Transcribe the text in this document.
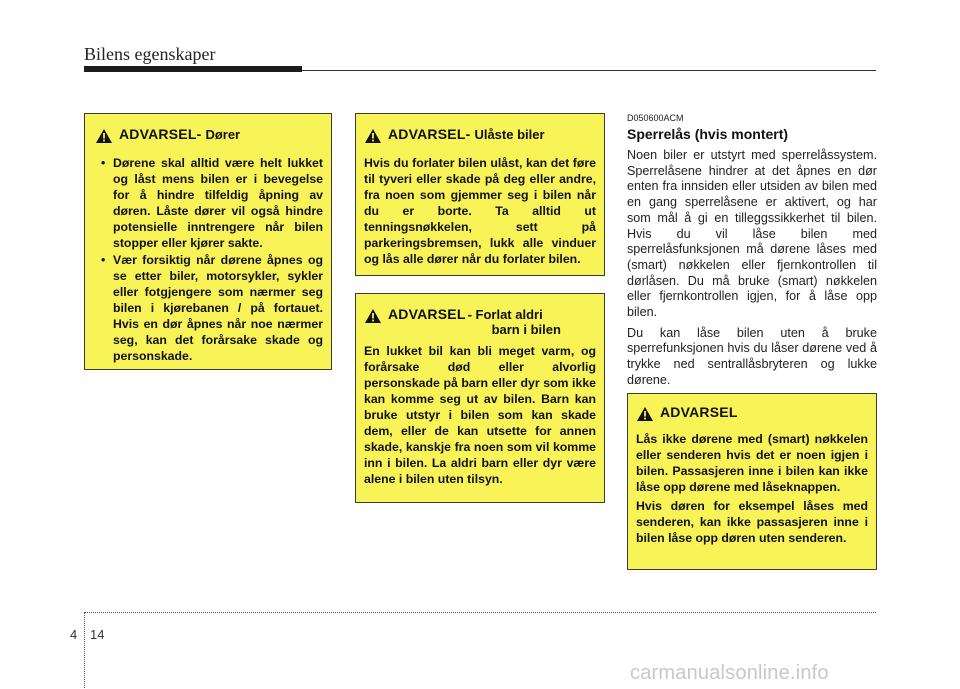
Bilens egenskaper
ADVARSEL- Dører
• Dørene skal alltid være helt lukket og låst mens bilen er i bevegelse for å hindre tilfeldig åpning av døren. Låste dører vil også hindre potensielle inntrengere når bilen stopper eller kjører sakte.
• Vær forsiktig når dørene åpnes og se etter biler, motorsykler, sykler eller fotgjengere som nærmer seg bilen i kjørebanen / på fortauet. Hvis en dør åpnes når noe nærmer seg, kan det forårsake skade og personskade.
ADVARSEL- Ulåste biler
Hvis du forlater bilen ulåst, kan det føre til tyveri eller skade på deg eller andre, fra noen som gjemmer seg i bilen når du er borte. Ta alltid ut tenningsnøkkelen, sett på parkeringsbremsen, lukk alle vinduer og lås alle dører når du forlater bilen.
ADVARSEL - Forlat aldri
barn i bilen
En lukket bil kan bli meget varm, og forårsake død eller alvorlig personskade på barn eller dyr som ikke kan komme seg ut av bilen. Barn kan bruke utstyr i bilen som kan skade dem, eller de kan utsette for annen skade, kanskje fra noen som vil komme inn i bilen. La aldri barn eller dyr være alene i bilen uten tilsyn.
D050600ACM
Sperrelås (hvis montert)

Noen biler er utstyrt med sperrelåssystem. Sperrelåsene hindrer at det åpnes en dør enten fra innsiden eller utsiden av bilen med en gang sperrelåsene er aktivert, og har som mål å gi en tilleggssikkerhet til bilen. Hvis du vil låse bilen med sperrelåsfunksjonen må dørene låses med (smart) nøkkelen eller fjernkontrollen til dørlåsen. Du må bruke (smart) nøkkelen eller fjernkontrollen igjen, for å låse opp bilen.

Du kan låse bilen uten å bruke sperrefunksjonen hvis du låser dørene ved å trykke ned sentrallåsbryteren og lukke dørene.

ADVARSEL
Lås ikke dørene med (smart) nøkkelen eller senderen hvis det er noen igjen i bilen. Passasjeren inne i bilen kan ikke låse opp dørene med låseknappen.
Hvis døren for eksempel låses med senderen, kan ikke passasjeren inne i bilen låse opp døren uten senderen.
4 14
carmanualsonline.info
